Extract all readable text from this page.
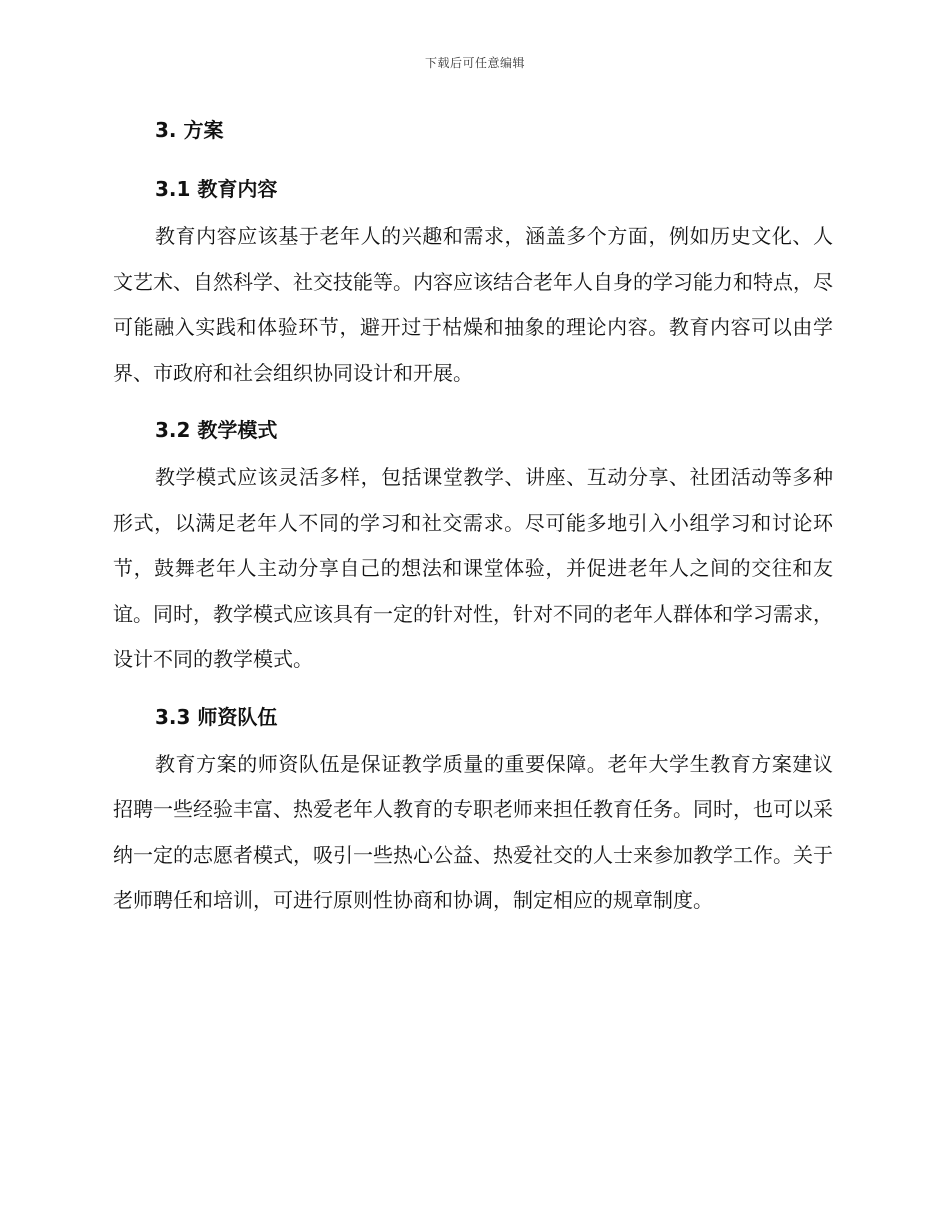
下载后可任意编辑
3. 方案
3.1 教育内容

教育内容应该基于老年人的兴趣和需求，涵盖多个方面，例如历史文化、人文艺术、自然科学、社交技能等。内容应该结合老年人自身的学习能力和特点，尽可能融入实践和体验环节，避开过于枯燥和抽象的理论内容。教育内容可以由学界、市政府和社会组织协同设计和开展。

3.2 教学模式

教学模式应该灵活多样，包括课堂教学、讲座、互动分享、社团活动等多种形式，以满足老年人不同的学习和社交需求。尽可能多地引入小组学习和讨论环节，鼓舞老年人主动分享自己的想法和课堂体验，并促进老年人之间的交往和友谊。同时，教学模式应该具有一定的针对性，针对不同的老年人群体和学习需求，设计不同的教学模式。

3.3 师资队伍

教育方案的师资队伍是保证教学质量的重要保障。老年大学生教育方案建议招聘一些经验丰富、热爱老年人教育的专职老师来担任教育任务。同时，也可以采纳一定的志愿者模式，吸引一些热心公益、热爱社交的人士来参加教学工作。关于老师聘任和培训，可进行原则性协商和协调，制定相应的规章制度。
